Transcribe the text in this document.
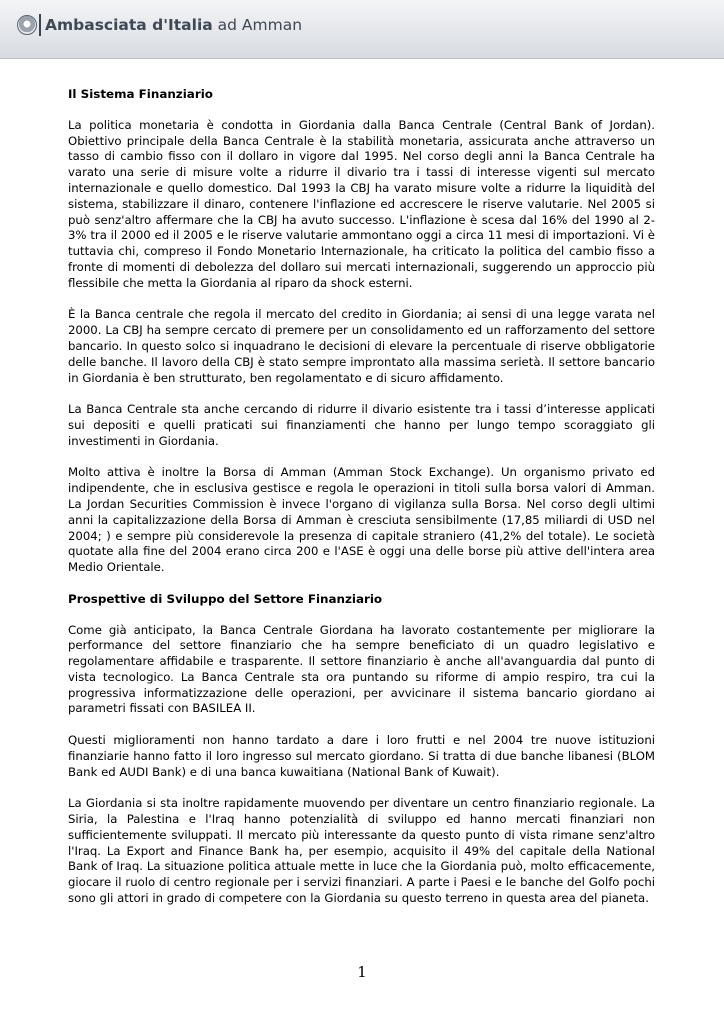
Ambasciata d'Italia ad Amman
Il Sistema Finanziario

La politica monetaria è condotta in Giordania dalla Banca Centrale (Central Bank of Jordan). Obiettivo principale della Banca Centrale è la stabilità monetaria, assicurata anche attraverso un tasso di cambio fisso con il dollaro in vigore dal 1995. Nel corso degli anni la Banca Centrale ha varato una serie di misure volte a ridurre il divario tra i tassi di interesse vigenti sul mercato internazionale e quello domestico. Dal 1993 la CBJ ha varato misure volte a ridurre la liquidità del sistema, stabilizzare il dinaro, contenere l'inflazione ed accrescere le riserve valutarie. Nel 2005 si può senz'altro affermare che la CBJ ha avuto successo. L'inflazione è scesa dal 16% del 1990 al 2-3% tra il 2000 ed il 2005 e le riserve valutarie ammontano oggi a circa 11 mesi di importazioni. Vi è tuttavia chi, compreso il Fondo Monetario Internazionale, ha criticato la politica del cambio fisso a fronte di momenti di debolezza del dollaro sui mercati internazionali, suggerendo un approccio più flessibile che metta la Giordania al riparo da shock esterni.

È la Banca centrale che regola il mercato del credito in Giordania; ai sensi di una legge varata nel 2000. La CBJ ha sempre cercato di premere per un consolidamento ed un rafforzamento del settore bancario. In questo solco si inquadrano le decisioni di elevare la percentuale di riserve obbligatorie delle banche. Il lavoro della CBJ è stato sempre improntato alla massima serietà. Il settore bancario in Giordania è ben strutturato, ben regolamentato e di sicuro affidamento.

La Banca Centrale sta anche cercando di ridurre il divario esistente tra i tassi d’interesse applicati sui depositi e quelli praticati sui finanziamenti che hanno per lungo tempo scoraggiato gli investimenti in Giordania.

Molto attiva è inoltre la Borsa di Amman (Amman Stock Exchange). Un organismo privato ed indipendente, che in esclusiva gestisce e regola le operazioni in titoli sulla borsa valori di Amman. La Jordan Securities Commission è invece l'organo di vigilanza sulla Borsa. Nel corso degli ultimi anni la capitalizzazione della Borsa di Amman è cresciuta sensibilmente (17,85 miliardi di USD nel 2004; ) e sempre più considerevole la presenza di capitale straniero (41,2% del totale). Le società quotate alla fine del 2004 erano circa 200 e l'ASE è oggi una delle borse più attive dell'intera area Medio Orientale.

Prospettive di Sviluppo del Settore Finanziario

Come già anticipato, la Banca Centrale Giordana ha lavorato costantemente per migliorare la performance del settore finanziario che ha sempre beneficiato di un quadro legislativo e regolamentare affidabile e trasparente. Il settore finanziario è anche all'avanguardia dal punto di vista tecnologico. La Banca Centrale sta ora puntando su riforme di ampio respiro, tra cui la progressiva informatizzazione delle operazioni, per avvicinare il sistema bancario giordano ai parametri fissati con BASILEA II.

Questi miglioramenti non hanno tardato a dare i loro frutti e nel 2004 tre nuove istituzioni finanziarie hanno fatto il loro ingresso sul mercato giordano. Si tratta di due banche libanesi (BLOM Bank ed AUDI Bank) e di una banca kuwaitiana (National Bank of Kuwait).

La Giordania si sta inoltre rapidamente muovendo per diventare un centro finanziario regionale. La Siria, la Palestina e l'Iraq hanno potenzialità di sviluppo ed hanno mercati finanziari non sufficientemente sviluppati. Il mercato più interessante da questo punto di vista rimane senz'altro l'Iraq. La Export and Finance Bank ha, per esempio, acquisito il 49% del capitale della National Bank of Iraq. La situazione politica attuale mette in luce che la Giordania può, molto efficacemente, giocare il ruolo di centro regionale per i servizi finanziari. A parte i Paesi e le banche del Golfo pochi sono gli attori in grado di competere con la Giordania su questo terreno in questa area del pianeta.

1
